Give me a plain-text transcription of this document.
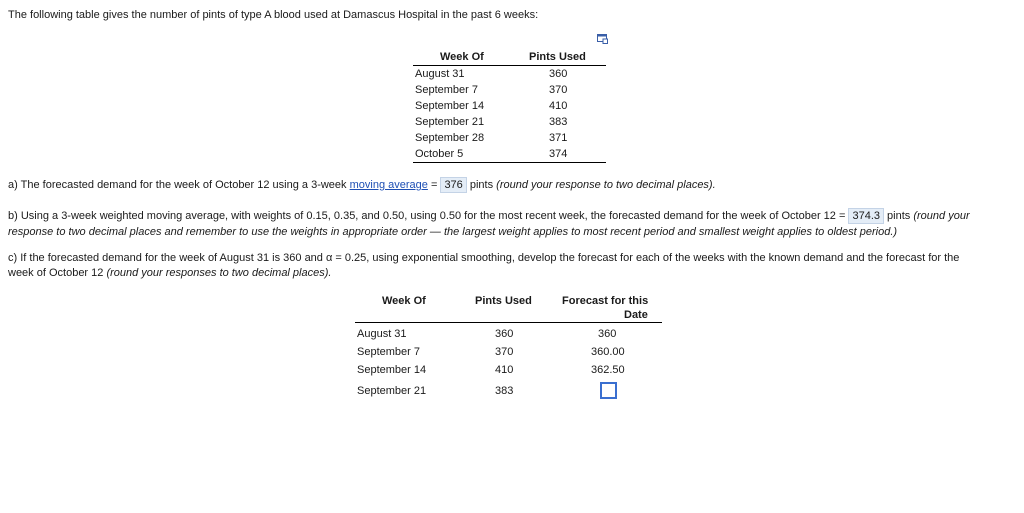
The following table gives the number of pints of type A blood used at Damascus Hospital in the past 6 weeks:
Week Of	Pints Used
August 31	360
September 7	370
September 14	410
September 21	383
September 28	371
October 5	374
a) The forecasted demand for the week of October 12 using a 3-week moving average = 376 pints (round your response to two decimal places).
b) Using a 3-week weighted moving average, with weights of 0.15, 0.35, and 0.50, using 0.50 for the most recent week, the forecasted demand for the week of October 12 = 374.3 pints (round your
response to two decimal places and remember to use the weights in appropriate order — the largest weight applies to most recent period and smallest weight applies to oldest period.)
c) If the forecasted demand for the week of August 31 is 360 and α = 0.25, using exponential smoothing, develop the forecast for each of the weeks with the known demand and the forecast for the
week of October 12 (round your responses to two decimal places).
Week Of	Pints Used	Forecast for this
Date
August 31	360	360
September 7	370	360.00
September 14	410	362.50
September 21	383
